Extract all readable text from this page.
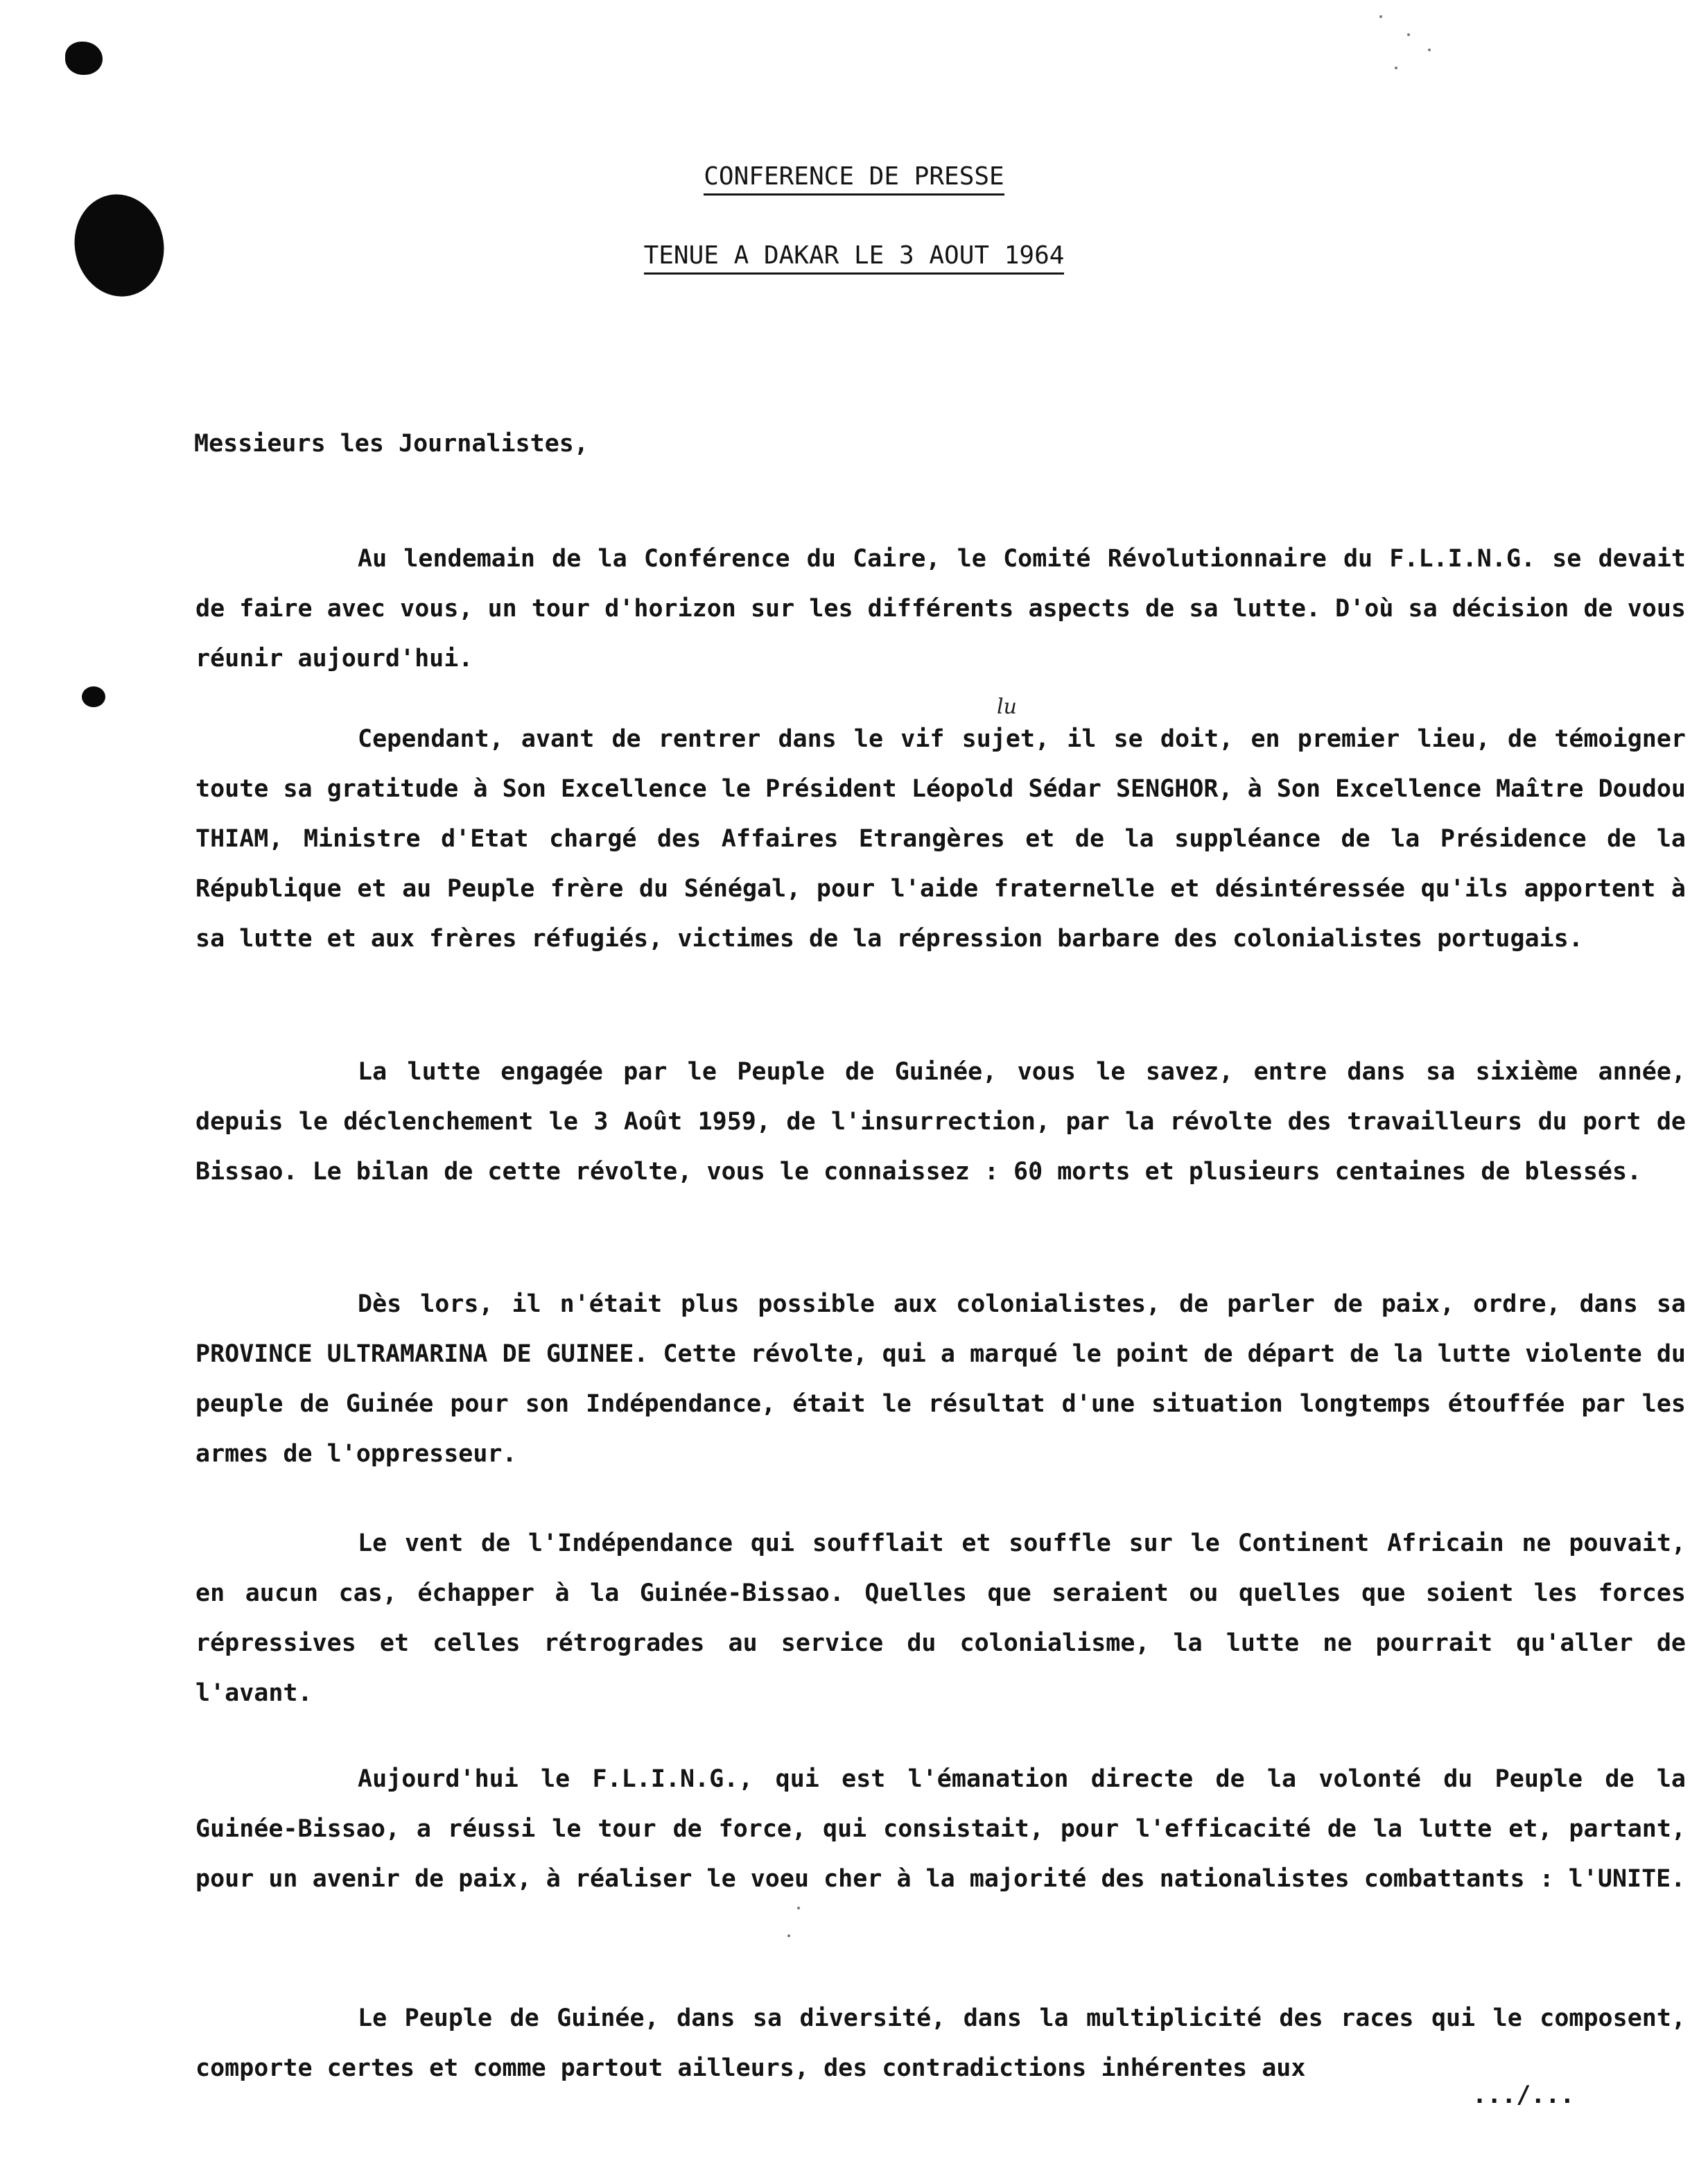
CONFERENCE DE PRESSE
TENUE A DAKAR LE 3 AOUT 1964
Messieurs les Journalistes,
lu

Au lendemain de la Conférence du Caire, le Comité Révolutionnaire du F.L.I.N.G. se devait de faire avec vous, un tour d'horizon sur les différents aspects de sa lutte. D'où sa décision de vous réunir aujourd'hui.

Cependant, avant de rentrer dans le vif sujet, il se doit, en premier lieu, de témoigner toute sa gratitude à Son Excellence le Président Léopold Sédar SENGHOR, à Son Excellence Maître Doudou THIAM, Ministre d'Etat chargé des Affaires Etrangères et de la suppléance de la Présidence de la République et au Peuple frère du Sénégal, pour l'aide fraternelle et désintéressée qu'ils apportent à sa lutte et aux frères réfugiés, victimes de la répression barbare des colonialistes portugais.

La lutte engagée par le Peuple de Guinée, vous le savez, entre dans sa sixième année, depuis le déclenchement le 3 Août 1959, de l'insurrection, par la révolte des travailleurs du port de Bissao. Le bilan de cette révolte, vous le connaissez : 60 morts et plusieurs centaines de blessés.

Dès lors, il n'était plus possible aux colonialistes, de parler de paix, ordre, dans sa PROVINCE ULTRAMARINA DE GUINEE. Cette révolte, qui a marqué le point de départ de la lutte violente du peuple de Guinée pour son Indépendance, était le résultat d'une situation longtemps étouffée par les armes de l'oppresseur.

Le vent de l'Indépendance qui soufflait et souffle sur le Continent Africain ne pouvait, en aucun cas, échapper à la Guinée-Bissao. Quelles que seraient ou quelles que soient les forces répressives et celles rétrogrades au service du colonialisme, la lutte ne pourrait qu'aller de l'avant.

Aujourd'hui le F.L.I.N.G., qui est l'émanation directe de la volonté du Peuple de la Guinée-Bissao, a réussi le tour de force, qui consistait, pour l'efficacité de la lutte et, partant, pour un avenir de paix, à réaliser le voeu cher à la majorité des nationalistes combattants : l'UNITE.

Le Peuple de Guinée, dans sa diversité, dans la multiplicité des races qui le composent, comporte certes et comme partout ailleurs, des contradictions inhérentes aux

.../...
